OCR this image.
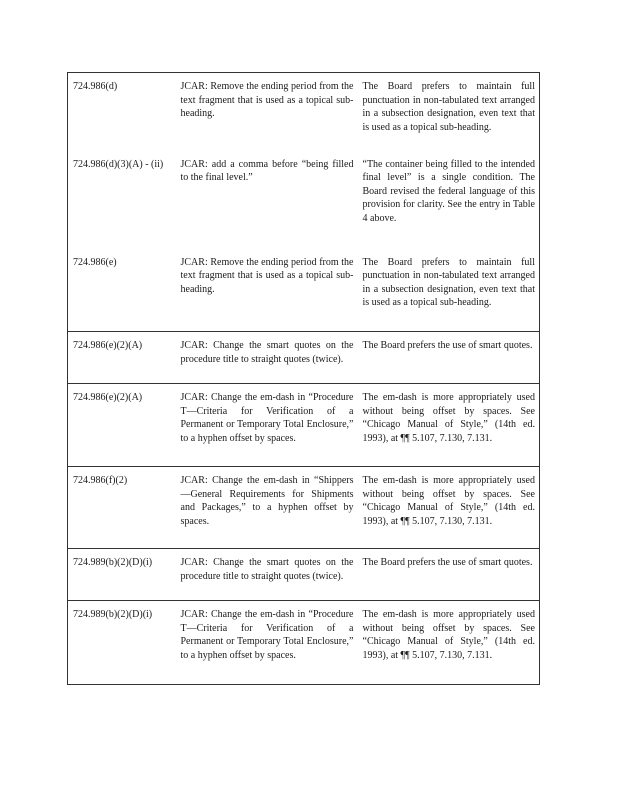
724.986(d)	JCAR: Remove the ending period from the text fragment that is used as a topical sub-heading.	The Board prefers to maintain full punctuation in non-tabulated text arranged in a subsection designation, even text that is used as a topical sub-heading.
724.986(d)(3)(A) - (ii)	JCAR: add a comma before “being filled to the final level.”	“The container being filled to the intended final level” is a single condition. The Board revised the federal language of this provision for clarity. See the entry in Table 4 above.
724.986(e)	JCAR: Remove the ending period from the text fragment that is used as a topical sub-heading.	The Board prefers to maintain full punctuation in non-tabulated text arranged in a subsection designation, even text that is used as a topical sub-heading.
724.986(e)(2)(A)	JCAR: Change the smart quotes on the procedure title to straight quotes (twice).	The Board prefers the use of smart quotes.
724.986(e)(2)(A)	JCAR: Change the em-dash in “Procedure T—Criteria for Verification of a Permanent or Temporary Total Enclosure,” to a hyphen offset by spaces.	The em-dash is more appropriately used without being offset by spaces. See “Chicago Manual of Style,” (14th ed. 1993), at ¶¶ 5.107, 7.130, 7.131.
724.986(f)(2)	JCAR: Change the em-dash in “Shippers—General Requirements for Shipments and Packages,” to a hyphen offset by spaces.	The em-dash is more appropriately used without being offset by spaces. See “Chicago Manual of Style,” (14th ed. 1993), at ¶¶ 5.107, 7.130, 7.131.
724.989(b)(2)(D)(i)	JCAR: Change the smart quotes on the procedure title to straight quotes (twice).	The Board prefers the use of smart quotes.
724.989(b)(2)(D)(i)	JCAR: Change the em-dash in “Procedure T—Criteria for Verification of a Permanent or Temporary Total Enclosure,” to a hyphen offset by spaces.	The em-dash is more appropriately used without being offset by spaces. See “Chicago Manual of Style,” (14th ed. 1993), at ¶¶ 5.107, 7.130, 7.131.
